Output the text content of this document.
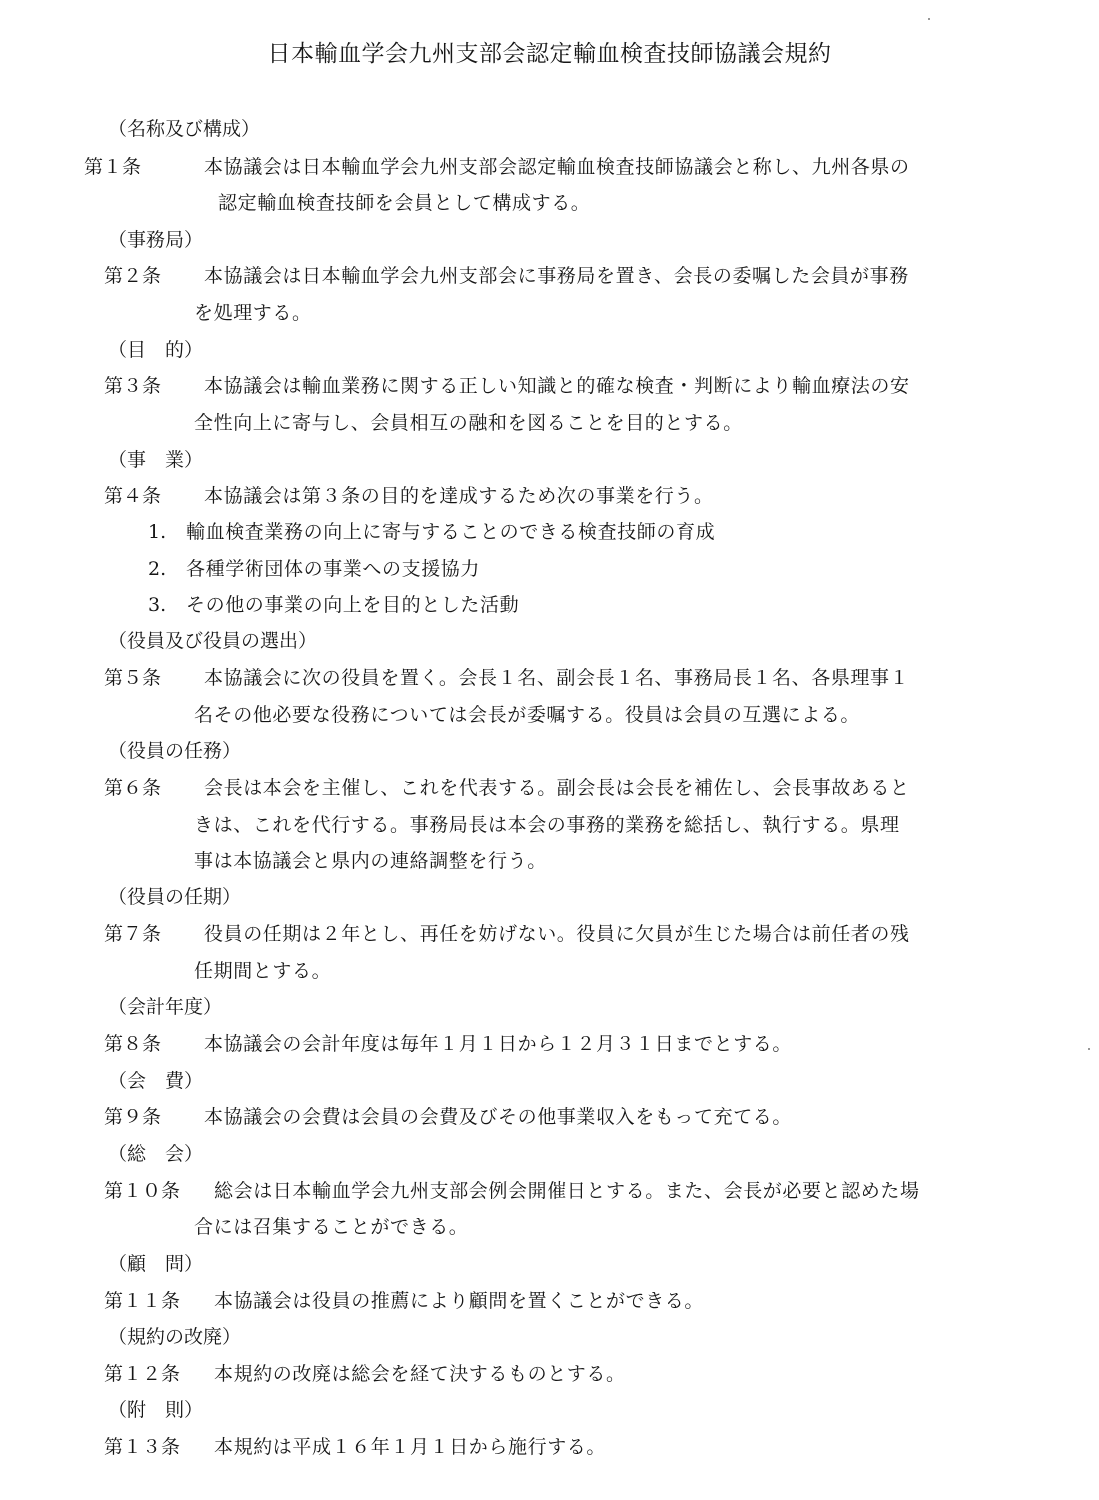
日本輸血学会九州支部会認定輸血検査技師協議会規約
（名称及び構成）
第１条	本協議会は日本輸血学会九州支部会認定輸血検査技師協議会と称し、九州各県の
認定輸血検査技師を会員として構成する。
（事務局）
第２条 本協議会は日本輸血学会九州支部会に事務局を置き、会長の委嘱した会員が事務
を処理する。
（目　的）
第３条 本協議会は輸血業務に関する正しい知識と的確な検査・判断により輸血療法の安
全性向上に寄与し、会員相互の融和を図ることを目的とする。
（事　業）
第４条 本協議会は第３条の目的を達成するため次の事業を行う。
1. 輸血検査業務の向上に寄与することのできる検査技師の育成
2. 各種学術団体の事業への支援協力
3. その他の事業の向上を目的とした活動
（役員及び役員の選出）
第５条 本協議会に次の役員を置く。会長１名、副会長１名、事務局長１名、各県理事１
名その他必要な役務については会長が委嘱する。役員は会員の互選による。
（役員の任務）
第６条 会長は本会を主催し、これを代表する。副会長は会長を補佐し、会長事故あると
きは、これを代行する。事務局長は本会の事務的業務を総括し、執行する。県理
事は本協議会と県内の連絡調整を行う。
（役員の任期）
第７条 役員の任期は２年とし、再任を妨げない。役員に欠員が生じた場合は前任者の残
任期間とする。
（会計年度）
第８条 本協議会の会計年度は毎年１月１日から１２月３１日までとする。
（会　費）
第９条 本協議会の会費は会員の会費及びその他事業収入をもって充てる。
（総　会）
第１０条 総会は日本輸血学会九州支部会例会開催日とする。また、会長が必要と認めた場
合には召集することができる。
（顧　問）
第１１条 本協議会は役員の推薦により顧問を置くことができる。
（規約の改廃）
第１２条 本規約の改廃は総会を経て決するものとする。
（附　則）
第１３条 本規約は平成１６年１月１日から施行する。
